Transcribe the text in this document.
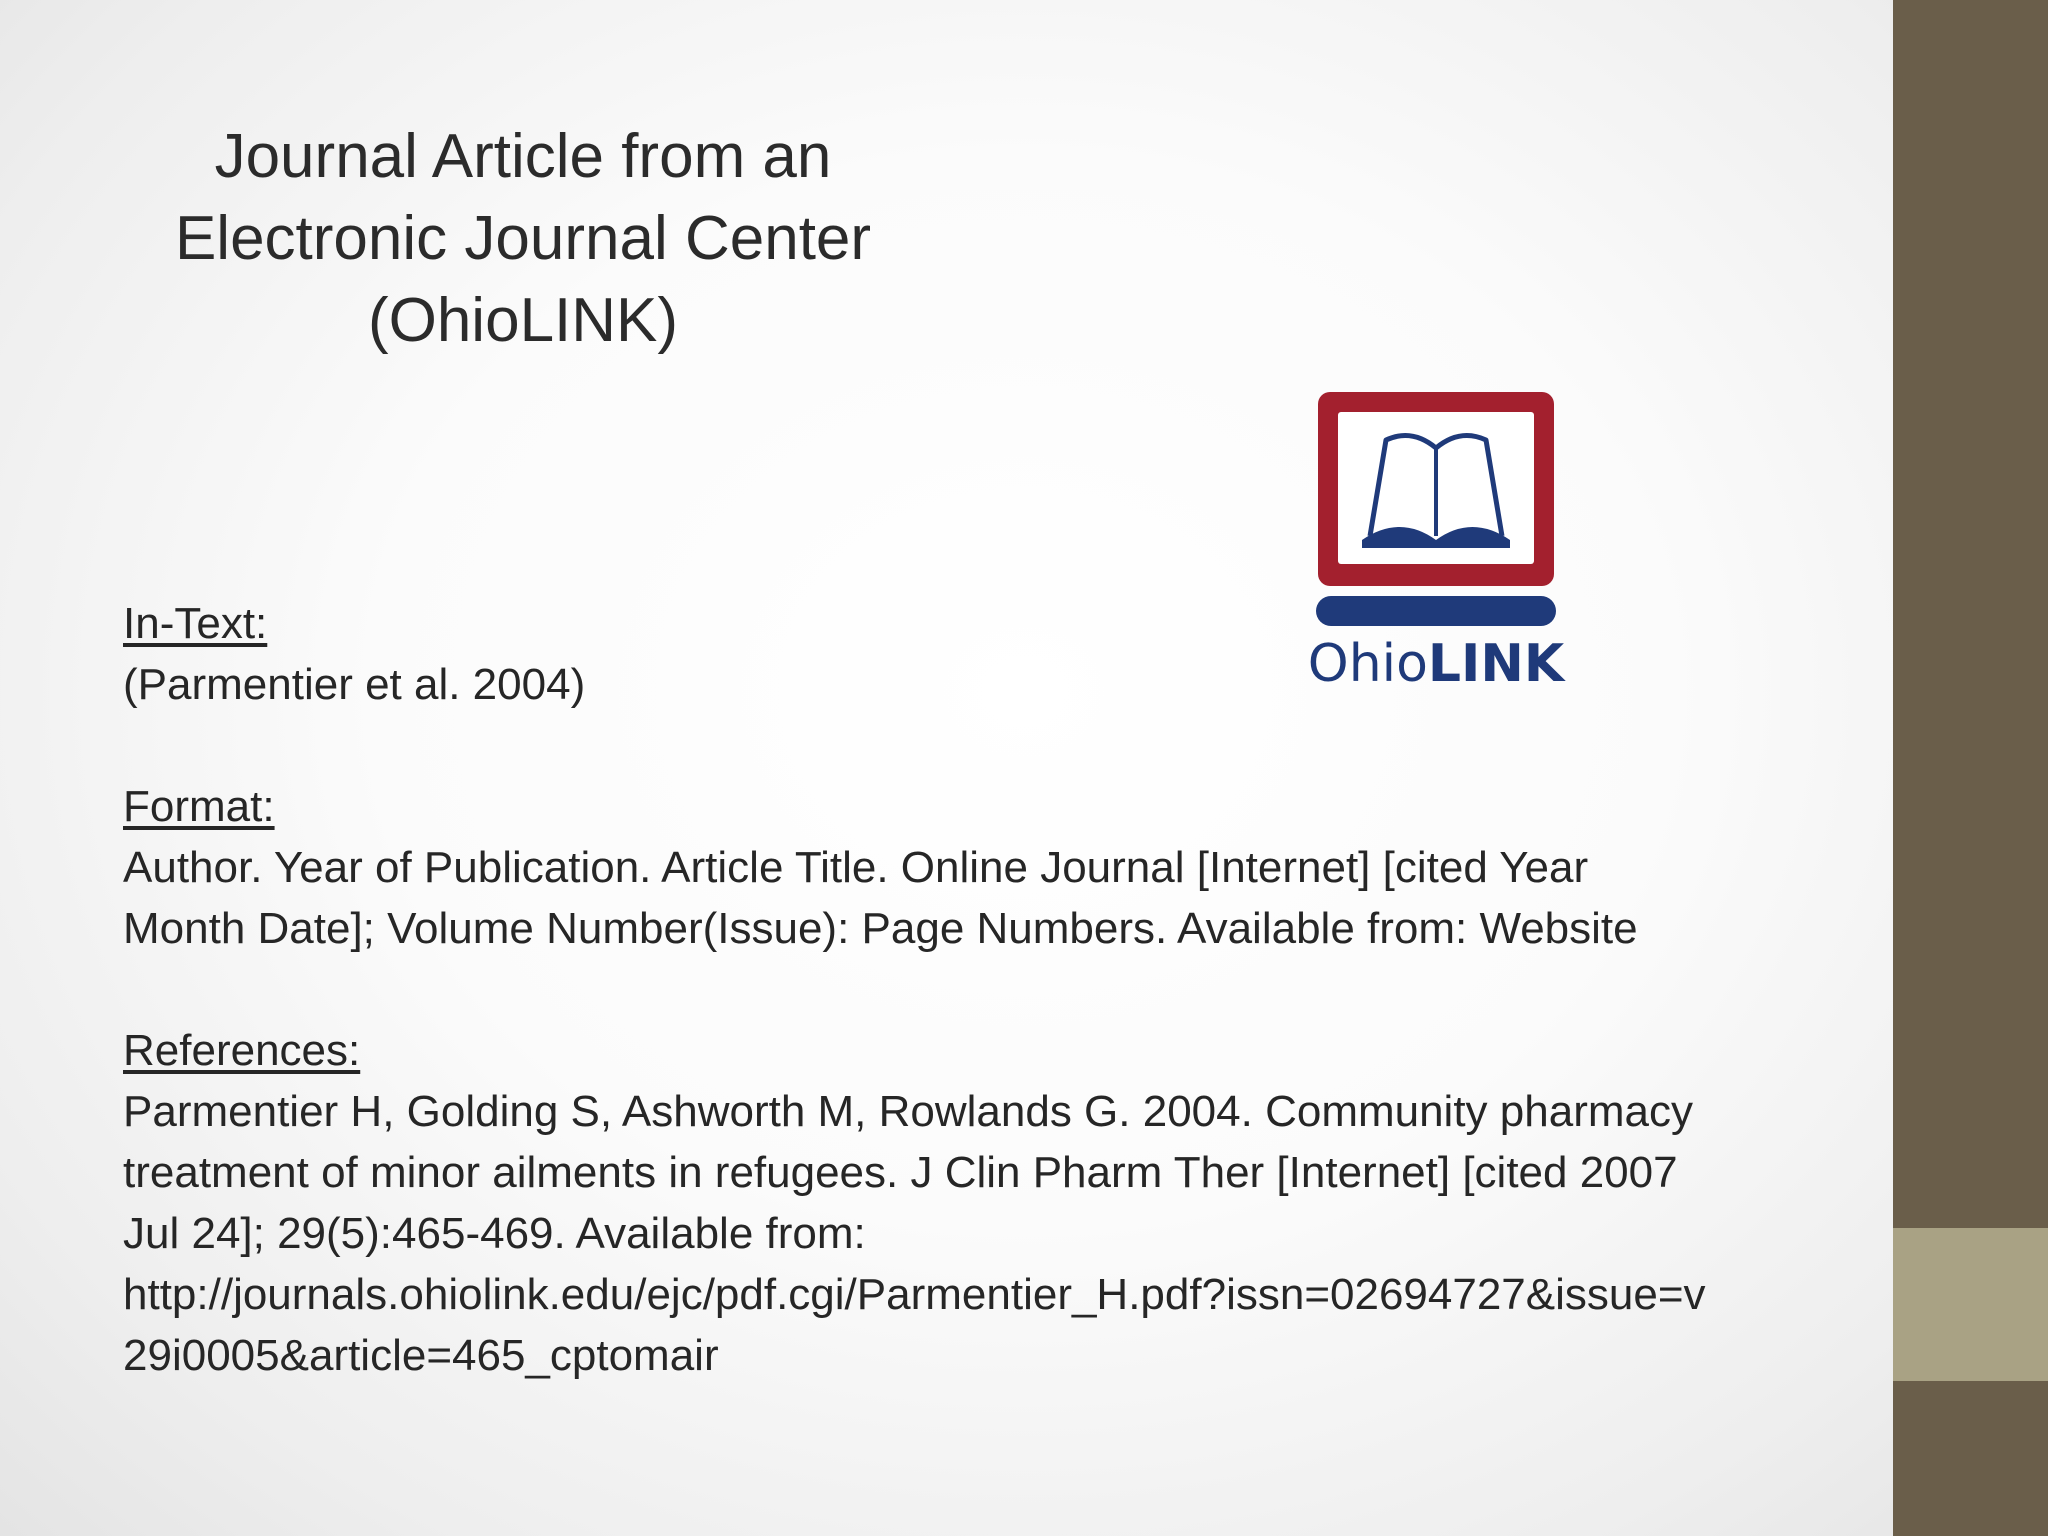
Journal Article from an
Electronic Journal Center
(OhioLINK)
OhioLINK

In-Text:

(Parmentier et al. 2004)

Format:

Author. Year of Publication. Article Title. Online Journal [Internet] [cited Year

Month Date]; Volume Number(Issue): Page Numbers. Available from: Website

References:

Parmentier H, Golding S, Ashworth M, Rowlands G. 2004. Community pharmacy

treatment of minor ailments in refugees. J Clin Pharm Ther [Internet] [cited 2007

Jul 24]; 29(5):465-469. Available from:

http://journals.ohiolink.edu/ejc/pdf.cgi/Parmentier_H.pdf?issn=02694727&issue=v

29i0005&article=465_cptomair
